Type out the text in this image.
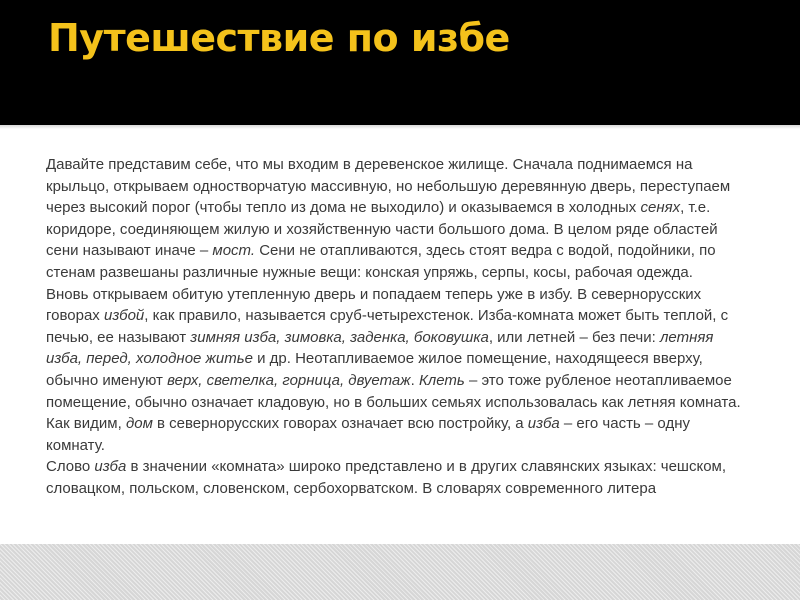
Путешествие по избе

Давайте представим себе, что мы входим в деревенское жилище. Сначала поднимаемся на крыльцо, открываем одностворчатую массивную, но небольшую деревянную дверь, переступаем через высокий порог (чтобы тепло из дома не выходило) и оказываемся в холодных сенях, т.е. коридоре, соединяющем жилую и хозяйственную части большого дома. В целом ряде областей сени называют иначе – мост. Сени не отапливаются, здесь стоят ведра с водой, подойники, по стенам развешаны различные нужные вещи: конская упряжь, серпы, косы, рабочая одежда.

Вновь открываем обитую утепленную дверь и попадаем теперь уже в избу. В севернорусских говорах избой, как правило, называется сруб-четырехстенок. Изба-комната может быть теплой, с печью, ее называют зимняя изба, зимовка, заденка, боковушка, или летней – без печи: летняя изба, перед, холодное житье и др. Неотапливаемое жилое помещение, находящееся вверху, обычно именуют верх, светелка, горница, двуетаж. Клеть – это тоже рубленое неотапливаемое помещение, обычно означает кладовую, но в больших семьях использовалась как летняя комната. Как видим, дом в севернорусских говорах означает всю постройку, а изба – его часть – одну комнату.

Слово изба в значении «комната» широко представлено и в других славянских языках: чешском, словацком, польском, словенском, сербохорватском. В словарях современного литера
